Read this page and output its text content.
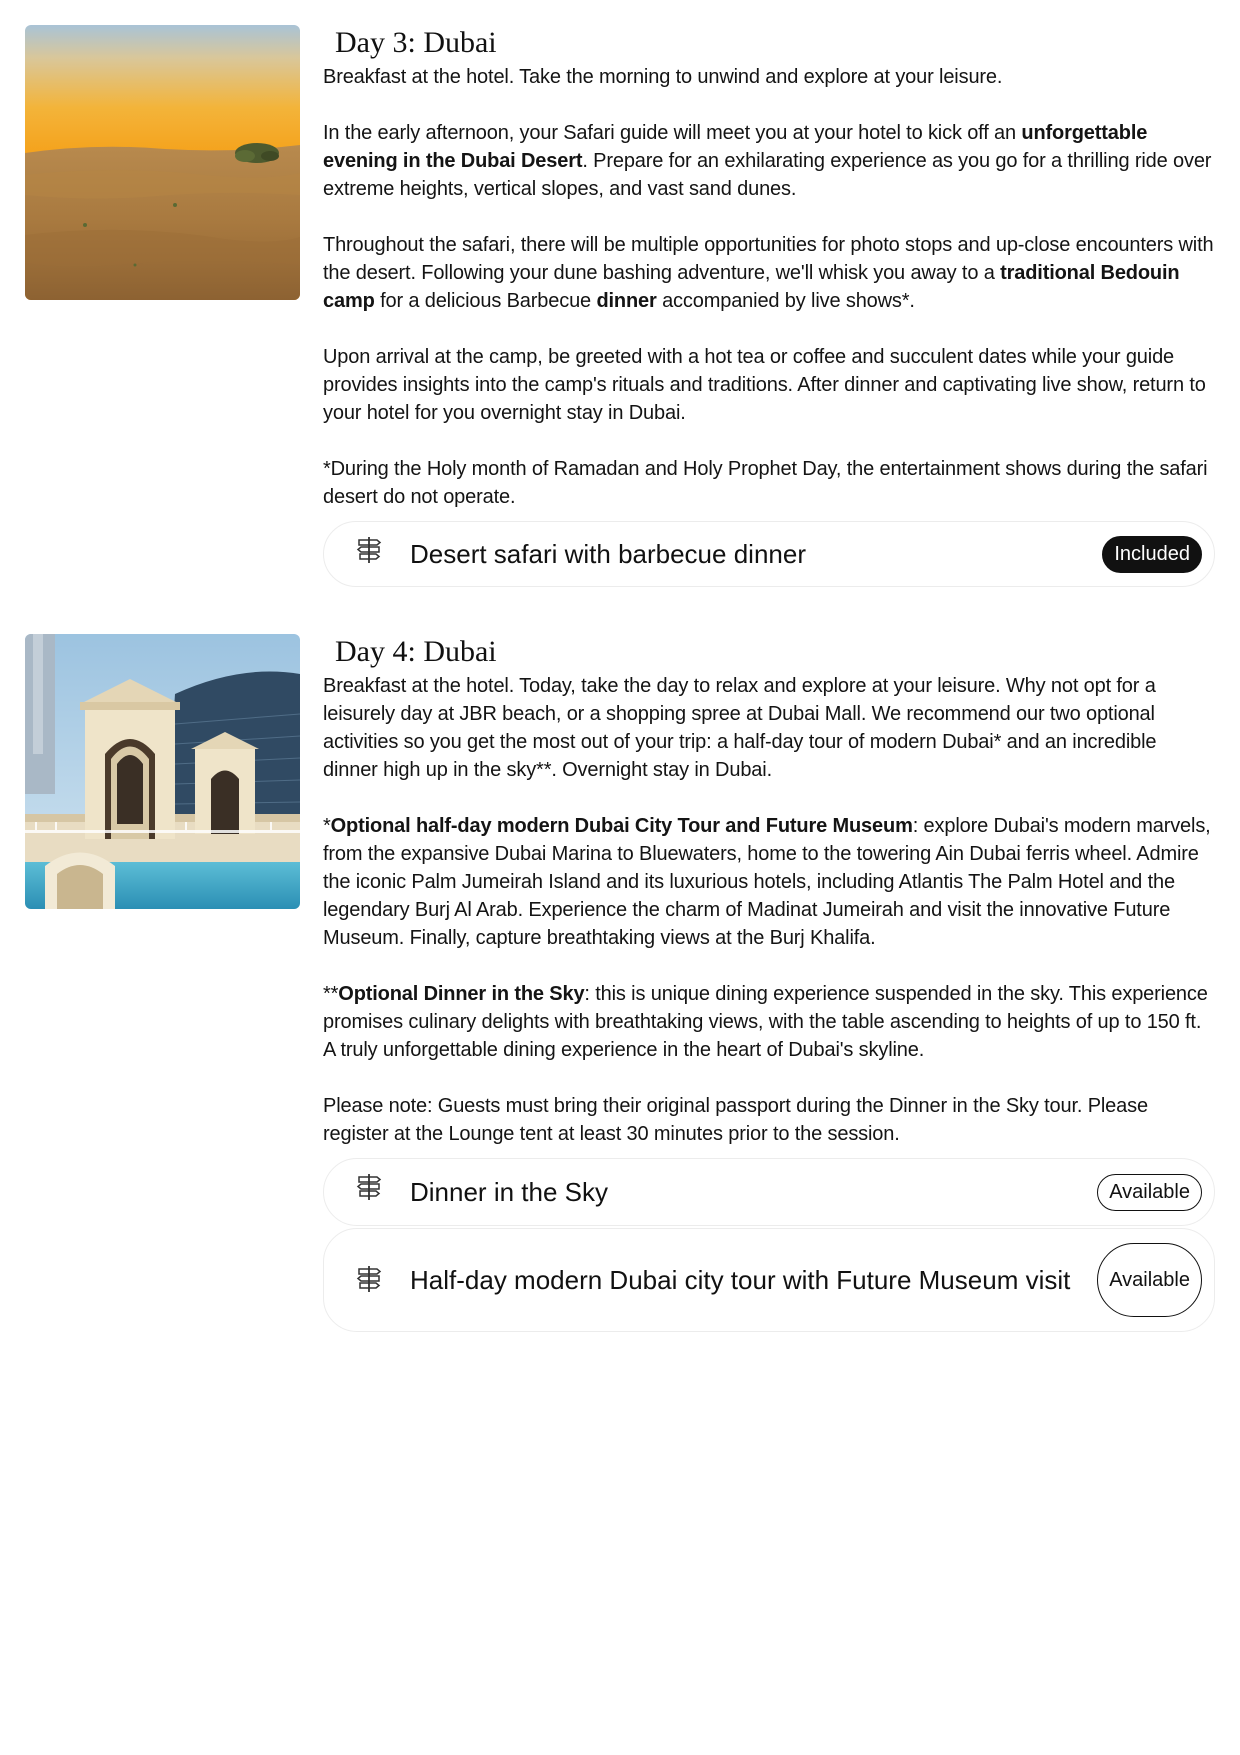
Day 3: Dubai

Breakfast at the hotel. Take the morning to unwind and explore at your leisure.

In the early afternoon, your Safari guide will meet you at your hotel to kick off an unforgettable evening in the Dubai Desert. Prepare for an exhilarating experience as you go for a thrilling ride over extreme heights, vertical slopes, and vast sand dunes.

Throughout the safari, there will be multiple opportunities for photo stops and up-close encounters with the desert. Following your dune bashing adventure, we'll whisk you away to a traditional Bedouin camp for a delicious Barbecue dinner accompanied by live shows*.

Upon arrival at the camp, be greeted with a hot tea or coffee and succulent dates while your guide provides insights into the camp's rituals and traditions. After dinner and captivating live show, return to your hotel for you overnight stay in Dubai.

*During the Holy month of Ramadan and Holy Prophet Day, the entertainment shows during the safari desert do not operate.

Desert safari with barbecue dinner	Included
Day 4: Dubai

Breakfast at the hotel. Today, take the day to relax and explore at your leisure. Why not opt for a leisurely day at JBR beach, or a shopping spree at Dubai Mall. We recommend our two optional activities so you get the most out of your trip: a half-day tour of modern Dubai* and an incredible dinner high up in the sky**. Overnight stay in Dubai.

*Optional half-day modern Dubai City Tour and Future Museum: explore Dubai's modern marvels, from the expansive Dubai Marina to Bluewaters, home to the towering Ain Dubai ferris wheel. Admire the iconic Palm Jumeirah Island and its luxurious hotels, including Atlantis The Palm Hotel and the legendary Burj Al Arab. Experience the charm of Madinat Jumeirah and visit the innovative Future Museum. Finally, capture breathtaking views at the Burj Khalifa.

**Optional Dinner in the Sky: this is unique dining experience suspended in the sky. This experience promises culinary delights with breathtaking views, with the table ascending to heights of up to 150 ft. A truly unforgettable dining experience in the heart of Dubai's skyline.

Please note: Guests must bring their original passport during the Dinner in the Sky tour. Please register at the Lounge tent at least 30 minutes prior to the session.

Dinner in the Sky	Available
Half-day modern Dubai city tour with Future Museum visit	Available
